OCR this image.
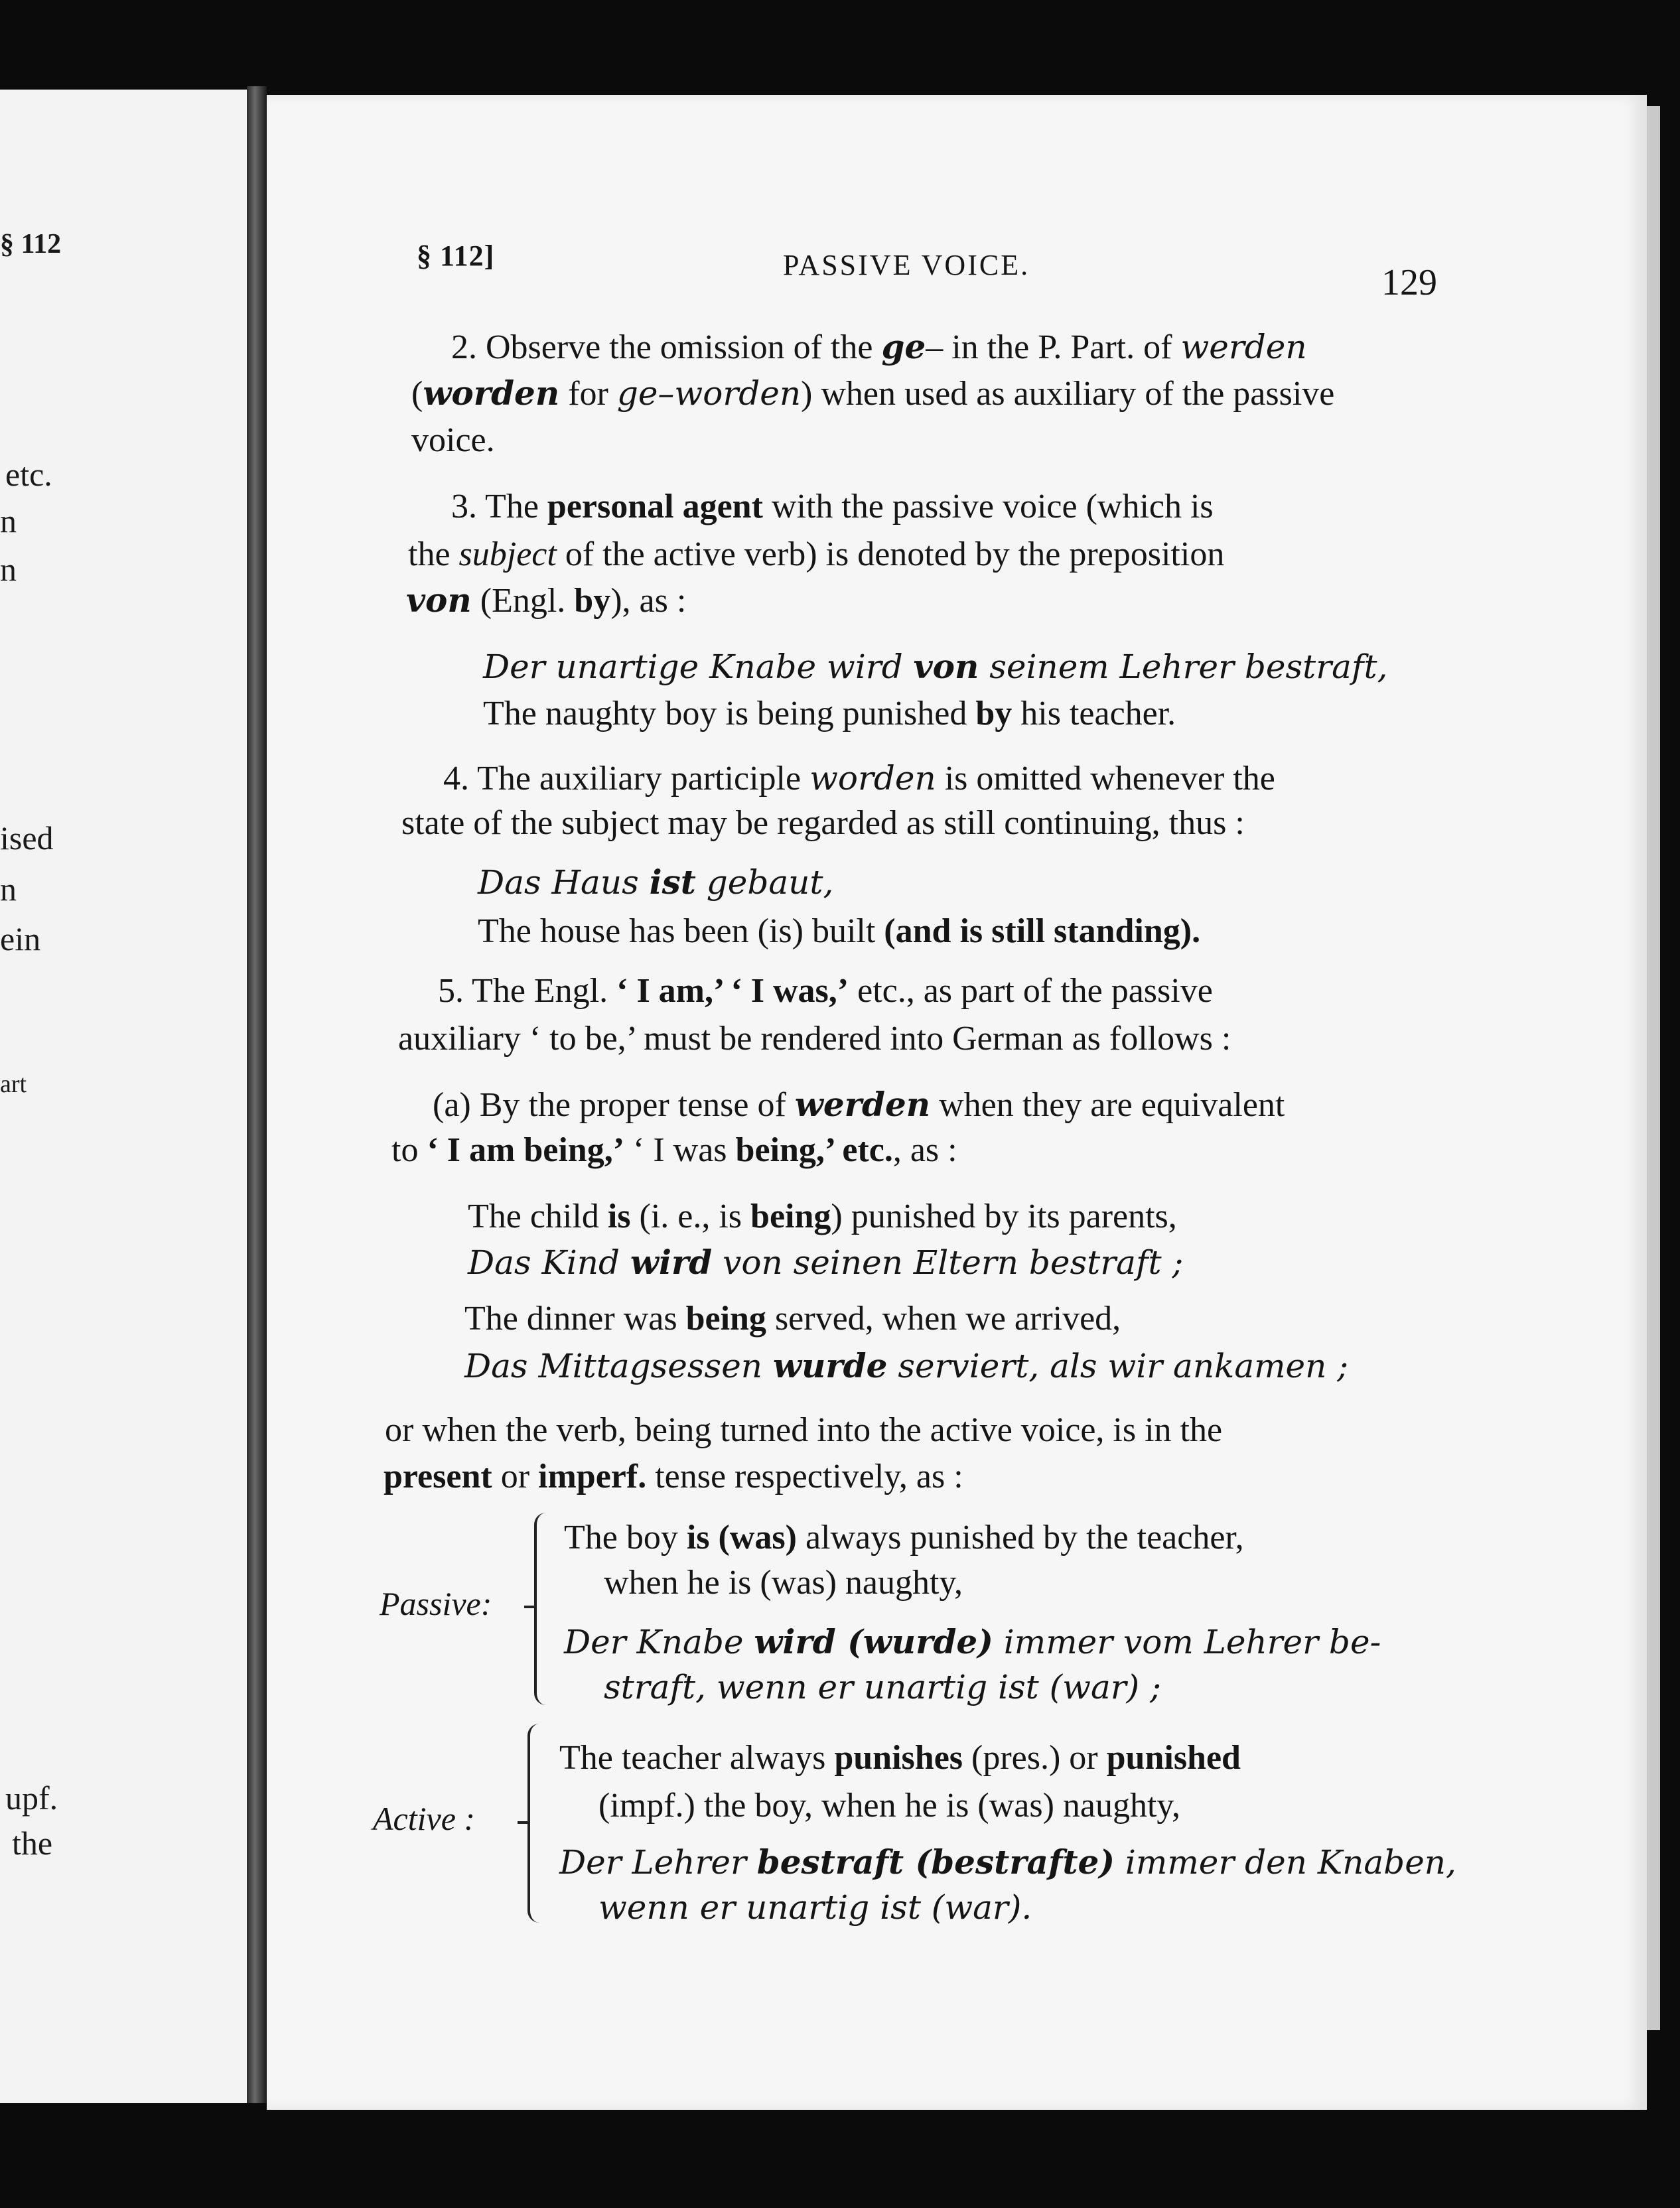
§ 112
etc.
n
n
ised
n
ein
art
upf.
the
§ 112]	PASSIVE VOICE.	129
2. Observe the omission of the ge– in the P. Part. of werden
(worden for ge–worden) when used as auxiliary of the passive
voice.
3. The personal agent with the passive voice (which is
the subject of the active verb) is denoted by the preposition
von (Engl. by), as :
Der unartige Knabe wird von seinem Lehrer bestraft,
The naughty boy is being punished by his teacher.
4. The auxiliary participle worden is omitted whenever the
state of the subject may be regarded as still continuing, thus :
Das Haus ist gebaut,
The house has been (is) built (and is still standing).
5. The Engl. ‘ I am,’ ‘ I was,’ etc., as part of the passive
auxiliary ‘ to be,’ must be rendered into German as follows :
(a) By the proper tense of werden when they are equivalent
to ‘ I am being,’ ‘ I was being,’ etc., as :
The child is (i. e., is being) punished by its parents,
Das Kind wird von seinen Eltern bestraft ;
The dinner was being served, when we arrived,
Das Mittagsessen wurde serviert, als wir ankamen ;
or when the verb, being turned into the active voice, is in the
present or imperf. tense respectively, as :
Passive:
The boy is (was) always punished by the teacher,
when he is (was) naughty,
Der Knabe wird (wurde) immer vom Lehrer be-
straft, wenn er unartig ist (war) ;
Active :
The teacher always punishes (pres.) or punished
(impf.) the boy, when he is (was) naughty,
Der Lehrer bestraft (bestrafte) immer den Knaben,
wenn er unartig ist (war).
